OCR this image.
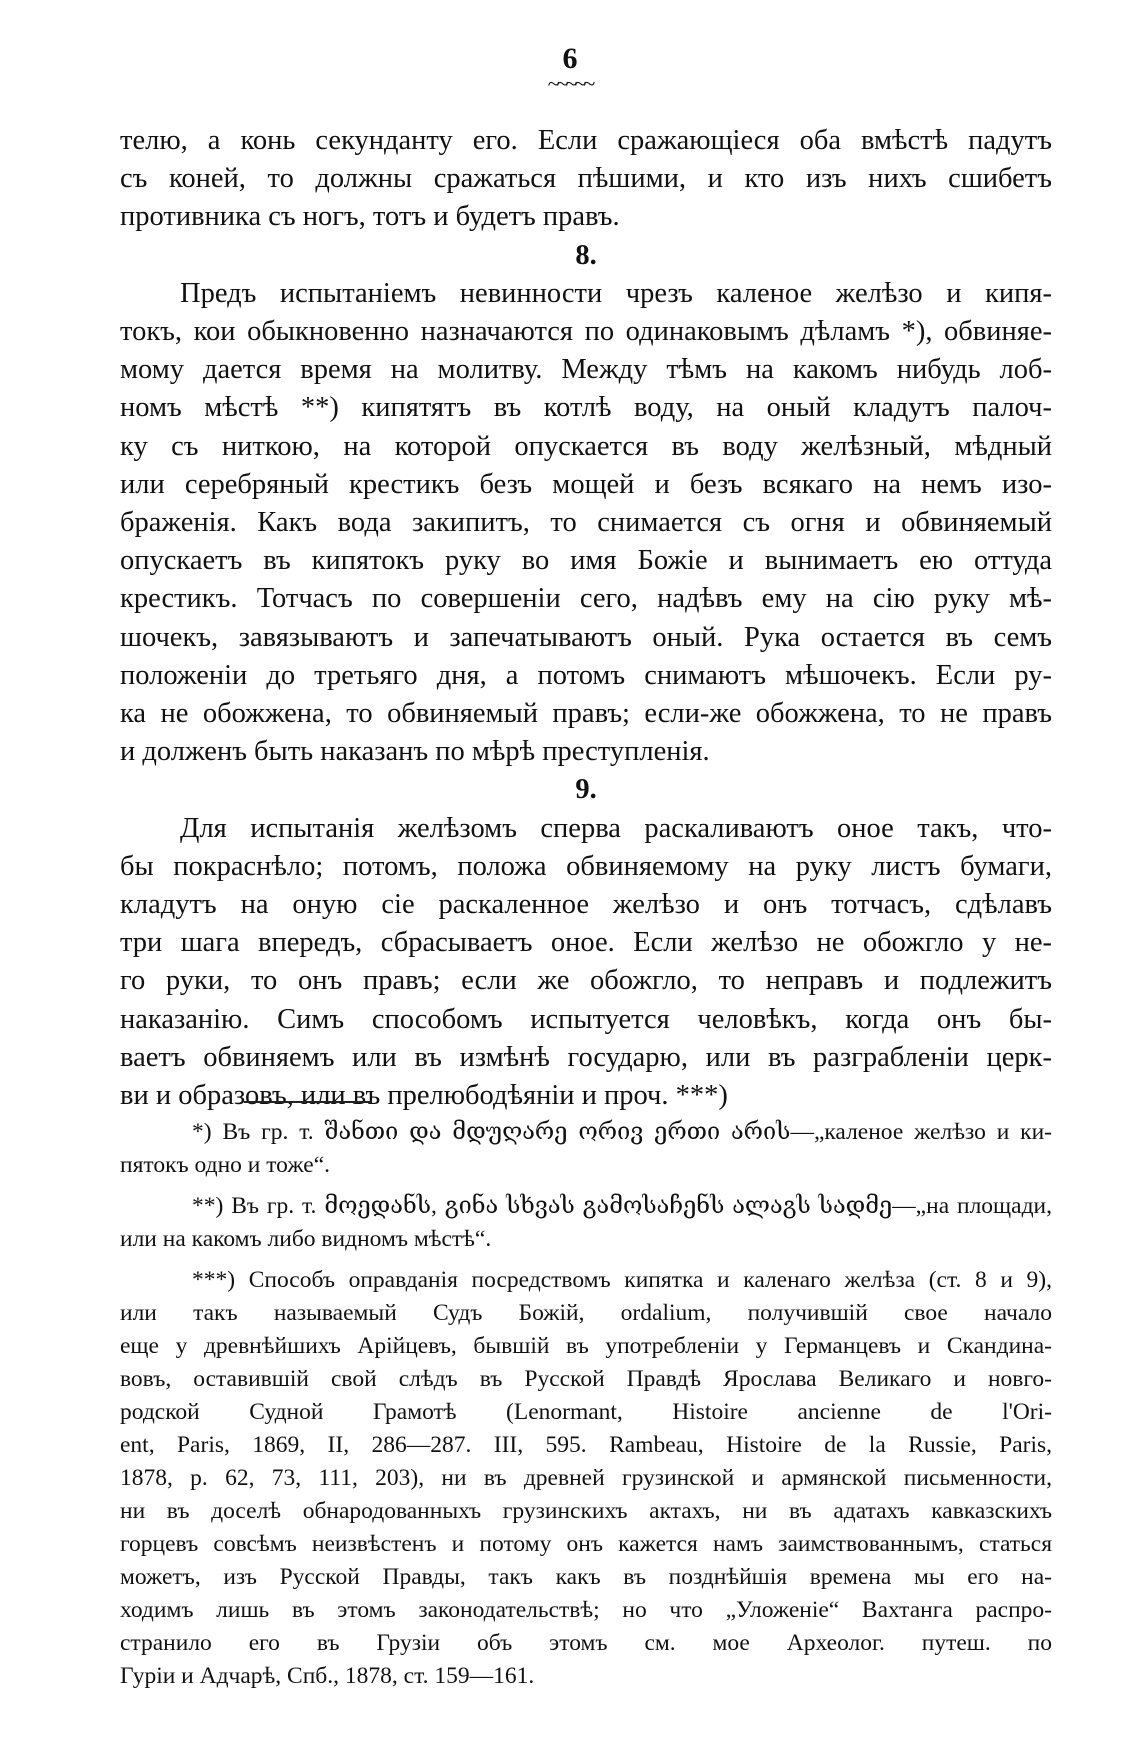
6
~~~~~
телю, а конь секунданту его. Если сражающіеся оба вмѣстѣ падутъ
съ коней, то должны сражаться пѣшими, и кто изъ нихъ сшибетъ
противника съ ногъ, тотъ и будетъ правъ.
8.
Предъ испытаніемъ невинности чрезъ каленое желѣзо и кипя-
токъ, кои обыкновенно назначаются по одинаковымъ дѣламъ *), обвиняе-
мому дается время на молитву. Между тѣмъ на какомъ нибудь лоб-
номъ мѣстѣ **) кипятятъ въ котлѣ воду, на оный кладутъ палоч-
ку съ ниткою, на которой опускается въ воду желѣзный, мѣдный
или серебряный крестикъ безъ мощей и безъ всякаго на немъ изо-
браженія. Какъ вода закипитъ, то снимается съ огня и обвиняемый
опускаетъ въ кипятокъ руку во имя Божіе и вынимаетъ ею оттуда
крестикъ. Тотчасъ по совершеніи сего, надѣвъ ему на сію руку мѣ-
шочекъ, завязываютъ и запечатываютъ оный. Рука остается въ семъ
положеніи до третьяго дня, а потомъ снимаютъ мѣшочекъ. Если ру-
ка не обожжена, то обвиняемый правъ; если-же обожжена, то не правъ
и долженъ быть наказанъ по мѣрѣ преступленія.
9.
Для испытанія желѣзомъ сперва раскаливаютъ оное такъ, что-
бы покраснѣло; потомъ, положа обвиняемому на руку листъ бумаги,
кладутъ на оную сіе раскаленное желѣзо и онъ тотчасъ, сдѣлавъ
три шага впередъ, сбрасываетъ оное. Если желѣзо не обожгло у не-
го руки, то онъ правъ; если же обожгло, то неправъ и подлежитъ
наказанію. Симъ способомъ испытуется человѣкъ, когда онъ бы-
ваетъ обвиняемъ или въ измѣнѣ государю, или въ разграбленіи церк-
ви и образовъ, или въ прелюбодѣяніи и проч. ***)
*) Въ гр. т. შანთი და მდუღარე ორივ ერთი არის—„каленое желѣзо и ки-
пятокъ одно и тоже“.
**) Въ гр. т. მოედანს, გინა სხვას გამოსაჩენს ალაგს სადმე—„на площади,
или на какомъ либо видномъ мѣстѣ“.
***) Способъ оправданія посредствомъ кипятка и каленаго желѣза (ст. 8 и 9),
или такъ называемый Судъ Божій, ordalium, получившій свое начало
еще у древнѣйшихъ Арійцевъ, бывшій въ употребленіи у Германцевъ и Скандина-
вовъ, оставившій свой слѣдъ въ Русской Правдѣ Ярослава Великаго и новго-
родской Судной Грамотѣ (Lenormant, Histoire ancienne de l'Ori-
ent, Paris, 1869, II, 286—287. III, 595. Rambeau, Histoire de la Russie, Paris,
1878, p. 62, 73, 111, 203), ни въ древней грузинской и армянской письменности,
ни въ доселѣ обнародованныхъ грузинскихъ актахъ, ни въ адатахъ кавказскихъ
горцевъ совсѣмъ неизвѣстенъ и потому онъ кажется намъ заимствованнымъ, статься
можетъ, изъ Русской Правды, такъ какъ въ позднѣйшія времена мы его на-
ходимъ лишь въ этомъ законодательствѣ; но что „Уложеніе“ Вахтанга распро-
странило его въ Грузіи объ этомъ см. мое Археолог. путеш. по
Гуріи и Адчарѣ, Спб., 1878, ст. 159—161.
